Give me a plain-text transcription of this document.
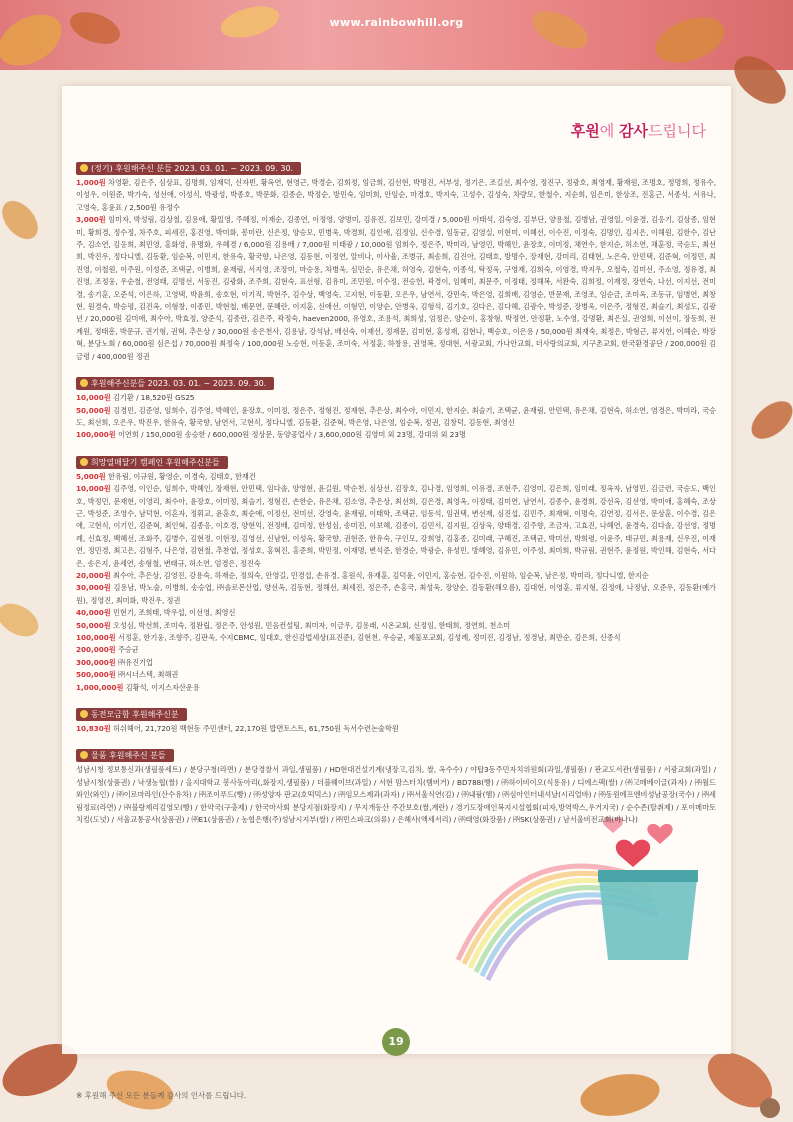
www.rainbowhill.org
후원에 감사드립니다
(정기) 후원해주신 분들 2023. 03. 01. ~ 2023. 09. 30.

1,000원 차영환, 김은주, 심상표, 김명희, 임재덕, 신자빈, 황옥연, 현영근, 박경순, 김희정, 임금희, 김선현, 박명진, 서부성, 정기은, 조길선, 최수영, 정진구, 정광호, 최영재, 황재원, 조명호, 정명희, 정유수, 이성우, 이원준, 박가숙, 성선애, 이성식, 박광성, 박종호, 박문화, 김종순, 박정순, 방민숙, 임미희, 안임순, 마경호, 박지숙, 고성수, 김성숙, 차량모, 한철수, 지순희, 임은미, 한상조, 진홍근, 서종석, 서유나, 고영숙, 홍윤표 / 2,500원 유정수

3,000원 임미자, 박성림, 김상철, 김용애, 황일영, 주혜정, 이재순, 김종연, 이정영, 양명미, 김유진, 김보민, 강미경 / 5,000원 이태석, 김숙영, 김부단, 양용철, 김병남, 권영일, 이윤경, 김응기, 김삼종, 임현미, 황희경, 정수정, 차주호, 피세진, 홍진영, 박미화, 봉미란, 신은정, 양승모, 민병욱, 박경희, 김인애, 김정임, 신수경, 임동균, 김영실, 이현미, 이혜선, 이수진, 이정숙, 김명인, 김지은, 이해원, 김한수, 김난주, 김소연, 김응희, 최민영, 홍화영, 유명화, 우혜경 / 6,000원 김용배 / 7,000원 이태광 / 10,000원 임희수, 정은주, 박미라, 남영민, 박혜인, 윤장호, 이미정, 채연수, 한지순, 허소연, 채훈정, 국승도, 최선희, 박진우, 정다니엘, 김동환, 임순복, 이민지, 한유숙, 황국향, 나은영, 김동현, 이정연, 알비나, 이사율, 조병규, 최송희, 김진아, 김태호, 방명수, 장재현, 강미리, 김태현, 노은숙, 안민택, 김준혁, 이정민, 최진영, 이철원, 이주원, 이성준, 조택균, 이병희, 윤재림, 서지영, 조장미, 마승용, 차병욱, 심민순, 유은채, 허영숙, 김현숙, 이종석, 탁정욱, 구영재, 김희숙, 이영경, 박지우, 오철숙, 김미선, 주소영, 정유경, 최진영, 조정웅, 우순철, 전영태, 김명선, 서동진, 김광화, 조주희, 김현숙, 표선형, 김유미, 조민원, 이수정, 전승헌, 곽경이, 임혜미, 최문주, 이정태, 정해복, 서완숙, 김희정, 이재정, 장연숙, 나선, 이지선, 전미경, 송기훈, 오준석, 이은하, 고영택, 박윤희, 송호현, 이기직, 박현주, 김수상, 백영숙, 고지현, 이동환, 오은우, 남연서, 강민숙, 박은영, 김희배, 김영순, 반문재, 조영조, 임순금, 조미옥, 조동규, 임병연, 최창현, 원경숙, 박승평, 김진옥, 이형창, 이종민, 박현철, 배문연, 문혜란, 이지훈, 신애선, 이형민, 이양순, 안병욱, 김형석, 김기호, 김다은, 김다혜, 김광수, 박성준, 장병욱, 이은주, 정형진, 최슬기, 최성도, 김광년 / 20,000원 김미애, 최수아, 박효정, 양준석, 김종란, 김은주, 곽정숙, haeven2000, 유영호, 조용석, 최희성, 엄정은, 양순이, 홍창형, 박정연, 안정환, 노수영, 강명환, 최은실, 권영희, 이선이, 장동희, 전계원, 정태흥, 박문규, 권기형, 권혁, 추은상 / 30,000원 송은천사, 김용남, 강석남, 배선숙, 이재선, 정재문, 김미현, 홍성재, 김현나, 백승호, 이은용 / 50,000원 최재숙, 최정은, 박형근, 류지헌, 이혜순, 박장혁, 분당노회 / 60,000원 심은섭 / 70,000원 최정숙 / 100,000원 노승현, 이동훈, 조미숙, 서정훈, 하창용, 권영복, 정대현, 서광교회, 가나안교회, 더사랑의교회, 지구촌교회, 한국환경공단 / 200,000원 김금령 / 400,000원 정권

후원해주신분들 2023. 03. 01. ~ 2023. 09. 30.

10,000원 김기환 / 18,520원 GS25

50,000원 김경민, 김준영, 임희수, 김주영, 박혜인, 윤장호, 이미정, 정은주, 정형진, 정재현, 추은상, 최수아, 이민지, 한지순, 최슬기, 조택균, 윤재림, 안민택, 유은채, 김현숙, 허소연, 염경은, 박미라, 국승도, 최선희, 오은우, 박진우, 한유숙, 황국향, 남연서, 고현식, 정다니엘, 김동환, 김준혁, 박은영, 나은영, 임순복, 정권, 김창덕, 김동현, 최영신

100,000원 이연희 / 150,000원 송승한 / 600,000원 정상문, 동양공업사 / 3,600,000원 김영미 외 23명, 강대위 외 23명

희망열매달기 캠페인 후원해주신분들

5,000원 한유림, 이규원, 황영순, 이경숙, 김태호, 한재건

10,000원 김주영, 이인순, 임희수, 박혜인, 장재현, 안민택, 임다솔, 양영현, 윤길원, 박순천, 심상선, 김장호, 김나경, 임영희, 이유경, 조현주, 김영미, 김은희, 임미래, 정옥자, 남영민, 김금련, 국승도, 백인호, 박정민, 문재현, 이영리, 최수아, 윤장호, 이미정, 최슬기, 정형진, 손한순, 유은채, 김소영, 추은상, 최선희, 김은경, 최영옥, 이정태, 김미연, 남연서, 김종수, 윤경희, 강선옥, 김선영, 박미애, 홍혜숙, 조상근, 박성준, 조영수, 남덕현, 이혼자, 정휘교, 윤훈호, 최순애, 이정선, 전미선, 강영숙, 윤재림, 이태학, 조택균, 임동석, 임권택, 변선재, 심진섭, 김민주, 최재혁, 이명숙, 김연정, 김서은, 문상훈, 이수경, 김은애, 고현식, 이기인, 김준혁, 최인혁, 김종응, 이호경, 양현익, 전정배, 김미정, 한성심, 송미진, 이보혜, 김종이, 김민서, 김지원, 김상욱, 양태경, 김주향, 조금자, 고효진, 나혜연, 윤경숙, 김다솔, 강선영, 정명례, 신효정, 백혜선, 조화주, 김병수, 김현정, 이현정, 김영선, 신남현, 이성옥, 황국향, 권현준, 한유숙, 구인모, 강희영, 김홍종, 김미래, 구혜진, 조택균, 박미선, 박희령, 이윤주, 태규민, 최용재, 신우진, 이재연, 정민경, 최고은, 김형주, 나은영, 김현철, 추찬엽, 정성호, 홍혁진, 홍준희, 박민정, 이재명, 변석준, 한경순, 박광순, 유성민, 방혜영, 김유민, 이주성, 최미희, 박규림, 권현주, 윤정원, 박인해, 김현숙, 서다은, 송은지, 윤세연, 송형철, 변태규, 허소연, 엄경은, 정진숙

20,000원 최수아, 추은상, 김영진, 강용숙, 하재순, 정의숙, 안영길, 민경섭, 손유경, 홍원식, 유재훈, 김덕윤, 이민지, 홍승현, 김수진, 이원하, 임순복, 남은정, 박미라, 정다니엘, 한지순

30,000원 김용남, 박노술, 이병희, 송승엽, ㈜솔로몬산업, 양선옥, 김동현, 정해선, 최세진, 정은주, 손홍국, 최성욱, 장양순, 김동환(해오름), 김대현, 이영훈, 류지형, 김정애, 나정남, 오준우, 김동환(예가원), 정영진, 최미화, 박진우, 정권

40,000원 민현기, 조희태, 박우섭, 이선영, 최영신

50,000원 오성심, 박선희, 조미숙, 정완립, 정은주, 안성원, 민음컨설팅, 최미자, 이금우, 김용래, 시온교회, 신정임, 한태희, 정연희, 천소미

100,000원 서정훈, 한기웅, 조향주, 김판욱, 수지CBMC, 임대호, 한신감법세상(표진준), 김현천, 우승균, 제물포교회, 김성례, 정미진, 김정남, 정경남, 최만순, 김은희, 신종식

200,000원 주승균

300,000원 ㈜유진기업

500,000원 ㈜시너스텍, 최해권

1,000,000원 김황석, 이지스자산운용

동전모금함 후원해주신분

10,830원 허쉬헤어, 21,720원 백현동 주민센터, 22,170원 밥면토스트, 61,750원 독서수련논술학원

물품 후원해주신 분들

성남시청 정보통신과(생필품세트) / 분당구청(라면) / 분당경찰서 과일,생필품) / HD현대건설기계(냉장고,김치, 쌀, 옥수수) / 야탑3동주민자치위원회(과일,생필품) / 판교도서관(생필품) / 서광교회(과일) / 성남시청(상품권) / 낙생농협(쌀) / 을지대학교 봉사동아리(,화장지,생필품) / 더블웨이브(과일) / 서현 맘스터치(햄버거) / BD788(빵) / ㈜하이비이오(식용유) / 디에스팩(쌀) / ㈜고메베이글(과자) / ㈜월드와인(와인) / ㈜이로마라인(산수유차) / ㈜조이푸드(빵) / ㈜성양자 판교(호떡믹스) / ㈜임모스제과(과자) / ㈜서울식연(김) / ㈜내팜(햄) / ㈜심아인터내셔날(시리얼바) / ㈜동원에프앤비성남공장(국수) / ㈜세림정료(라면) / ㈜블랑제리김영모(빵) / 한약국(구충제) / 한국마사회 분당지점(화장지) / 무지개동산 주간보호(쌀,계란) / 경기도장애인복지시설협회(피자,방역박스,우거지국) / 순수존(탈취제) / 포이메마토치킹(도넛) / 서울교통공사(상품권) / ㈜E1(상품권) / 농협은행(주)성남시지부(쌀) / ㈜민스파크(의류) / 은혜사(액세서리) / ㈜태영(화장품) / ㈜SK(상품권) / 남서울비전교회(바나나)

※ 후원해 주신 모든 분들께 감사의 인사를 드립니다.
19
